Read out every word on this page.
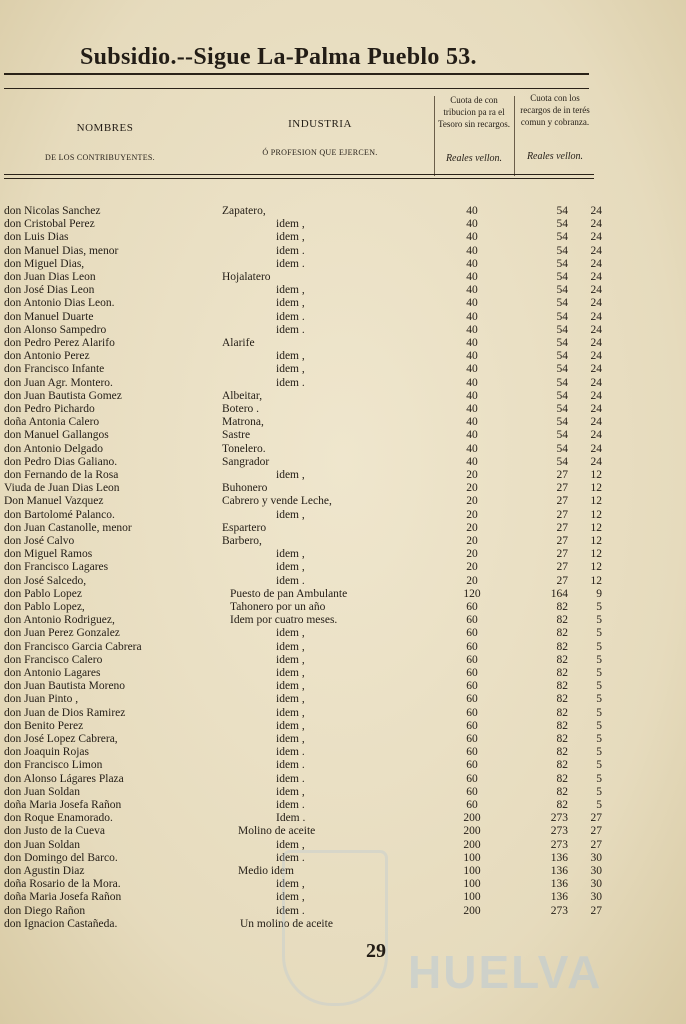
Subsidio.--Sigue La-Palma Pueblo 53.
NOMBRES
DE LOS CONTRIBUYENTES.
INDUSTRIA
Ó PROFESION QUE EJERCEN.
Cuota de con tribucion pa ra el Tesoro sin recargos.
Cuota con los recargos de in terés comun y cobranza.
Reales vellon.	Reales vellon.
don Nicolas Sanchez	Zapatero,	40	54	24
don Cristobal Perez	idem ,	40	54	24
don Luis Dias	idem ,	40	54	24
don Manuel Dias, menor	idem .	40	54	24
don Miguel Dias,	idem .	40	54	24
don Juan Dias Leon	Hojalatero	40	54	24
don José Dias Leon	idem ,	40	54	24
don Antonio Dias Leon.	idem ,	40	54	24
don Manuel Duarte	idem .	40	54	24
don Alonso Sampedro	idem .	40	54	24
don Pedro Perez Alarifo	Alarife	40	54	24
don Antonio Perez	idem ,	40	54	24
don Francisco Infante	idem ,	40	54	24
don Juan Agr. Montero.	idem .	40	54	24
don Juan Bautista Gomez	Albeitar,	40	54	24
don Pedro Pichardo	Botero .	40	54	24
doña Antonia Calero	Matrona,	40	54	24
don Manuel Gallangos	Sastre	40	54	24
don Antonio Delgado	Tonelero.	40	54	24
don Pedro Dias Galiano.	Sangrador	40	54	24
don Fernando de la Rosa	idem ,	20	27	12
Viuda de Juan Dias Leon	Buhonero	20	27	12
Don Manuel Vazquez	Cabrero y vende Leche,	20	27	12
don Bartolomé Palanco.	idem ,	20	27	12
don Juan Castanolle, menor	Espartero	20	27	12
don José Calvo	Barbero,	20	27	12
don Miguel Ramos	idem ,	20	27	12
don Francisco Lagares	idem ,	20	27	12
don José Salcedo,	idem .	20	27	12
don Pablo Lopez	Puesto de pan Ambulante	120	164	9
don Pablo Lopez,	Tahonero por un año	60	82	5
don Antonio Rodriguez,	Idem por cuatro meses.	60	82	5
don Juan Perez Gonzalez	idem ,	60	82	5
don Francisco Garcia Cabrera	idem ,	60	82	5
don Francisco Calero	idem ,	60	82	5
don Antonio Lagares	idem ,	60	82	5
don Juan Bautista Moreno	idem ,	60	82	5
don Juan Pinto ,	idem ,	60	82	5
don Juan de Dios Ramirez	idem ,	60	82	5
don Benito Perez	idem ,	60	82	5
don José Lopez Cabrera,	idem ,	60	82	5
don Joaquin Rojas	idem .	60	82	5
don Francisco Limon	idem .	60	82	5
don Alonso Lágares Plaza	idem .	60	82	5
don Juan Soldan	idem ,	60	82	5
doña Maria Josefa Rañon	idem .	60	82	5
don Roque Enamorado.	Idem .	200	273	27
don Justo de la Cueva	Molino de aceite	200	273	27
don Juan Soldan	idem ,	200	273	27
don Domingo del Barco.	idem .	100	136	30
don Agustin Diaz	Medio idem	100	136	30
doña Rosario de la Mora.	idem ,	100	136	30
doña Maria Josefa Rañon	idem ,	100	136	30
don Diego Rañon	idem .	200	273	27
don Ignacion Castañeda.	Un molino de aceite
HUELVA
29
